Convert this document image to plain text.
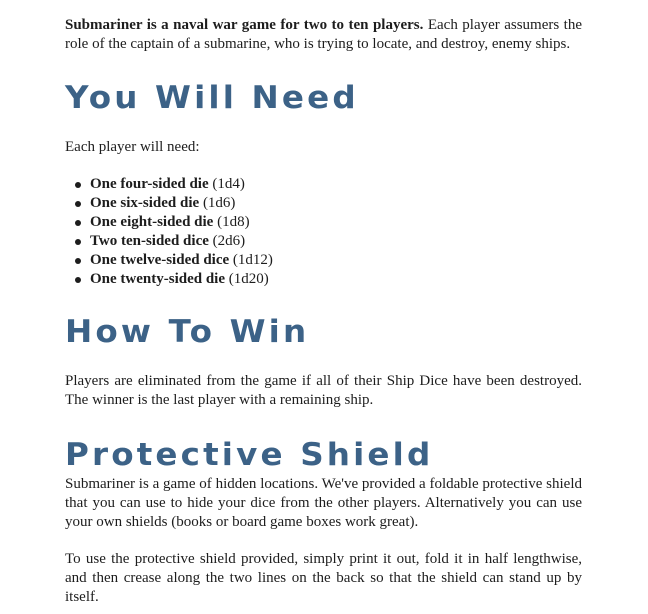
Submariner is a naval war game for two to ten players. Each player assumers the role of the captain of a submarine, who is trying to locate, and destroy, enemy ships.

You Will Need

Each player will need:

One four-sided die (1d4)
One six-sided die (1d6)
One eight-sided die (1d8)
Two ten-sided dice (2d6)
One twelve-sided dice (1d12)
One twenty-sided die (1d20)
How To Win

Players are eliminated from the game if all of their Ship Dice have been destroyed. The winner is the last player with a remaining ship.

Protective Shield

Submariner is a game of hidden locations. We've provided a foldable protective shield that you can use to hide your dice from the other players. Alternatively you can use your own shields (books or board game boxes work great).

To use the protective shield provided, simply print it out, fold it in half lengthwise, and then crease along the two lines on the back so that the shield can stand up by itself.
